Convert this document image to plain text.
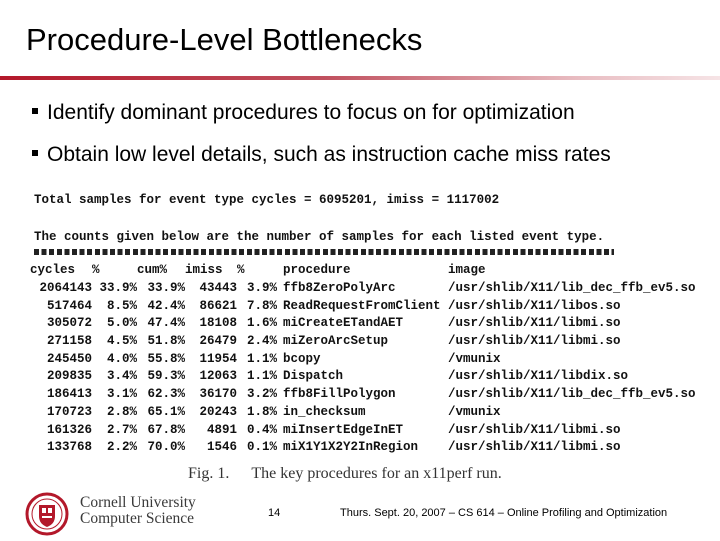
Procedure-Level Bottlenecks
Identify dominant procedures to focus on for optimization
Obtain low level details, such as instruction cache miss rates
Total samples for event type cycles = 6095201, imiss = 1117002
The counts given below are the number of samples for each listed event type.
cycles	%	cum%	imiss	%	procedure	image
2064143	33.9%	33.9%	43443	3.9%	ffb8ZeroPolyArc	/usr/shlib/X11/lib_dec_ffb_ev5.so
517464	8.5%	42.4%	86621	7.8%	ReadRequestFromClient	/usr/shlib/X11/libos.so
305072	5.0%	47.4%	18108	1.6%	miCreateETandAET	/usr/shlib/X11/libmi.so
271158	4.5%	51.8%	26479	2.4%	miZeroArcSetup	/usr/shlib/X11/libmi.so
245450	4.0%	55.8%	11954	1.1%	bcopy	/vmunix
209835	3.4%	59.3%	12063	1.1%	Dispatch	/usr/shlib/X11/libdix.so
186413	3.1%	62.3%	36170	3.2%	ffb8FillPolygon	/usr/shlib/X11/lib_dec_ffb_ev5.so
170723	2.8%	65.1%	20243	1.8%	in_checksum	/vmunix
161326	2.7%	67.8%	4891	0.4%	miInsertEdgeInET	/usr/shlib/X11/libmi.so
133768	2.2%	70.0%	1546	0.1%	miX1Y1X2Y2InRegion	/usr/shlib/X11/libmi.so
Fig. 1. The key procedures for an x11perf run.
Cornell University
Computer Science	14	Thurs. Sept. 20, 2007 – CS 614 – Online Profiling and Optimization
